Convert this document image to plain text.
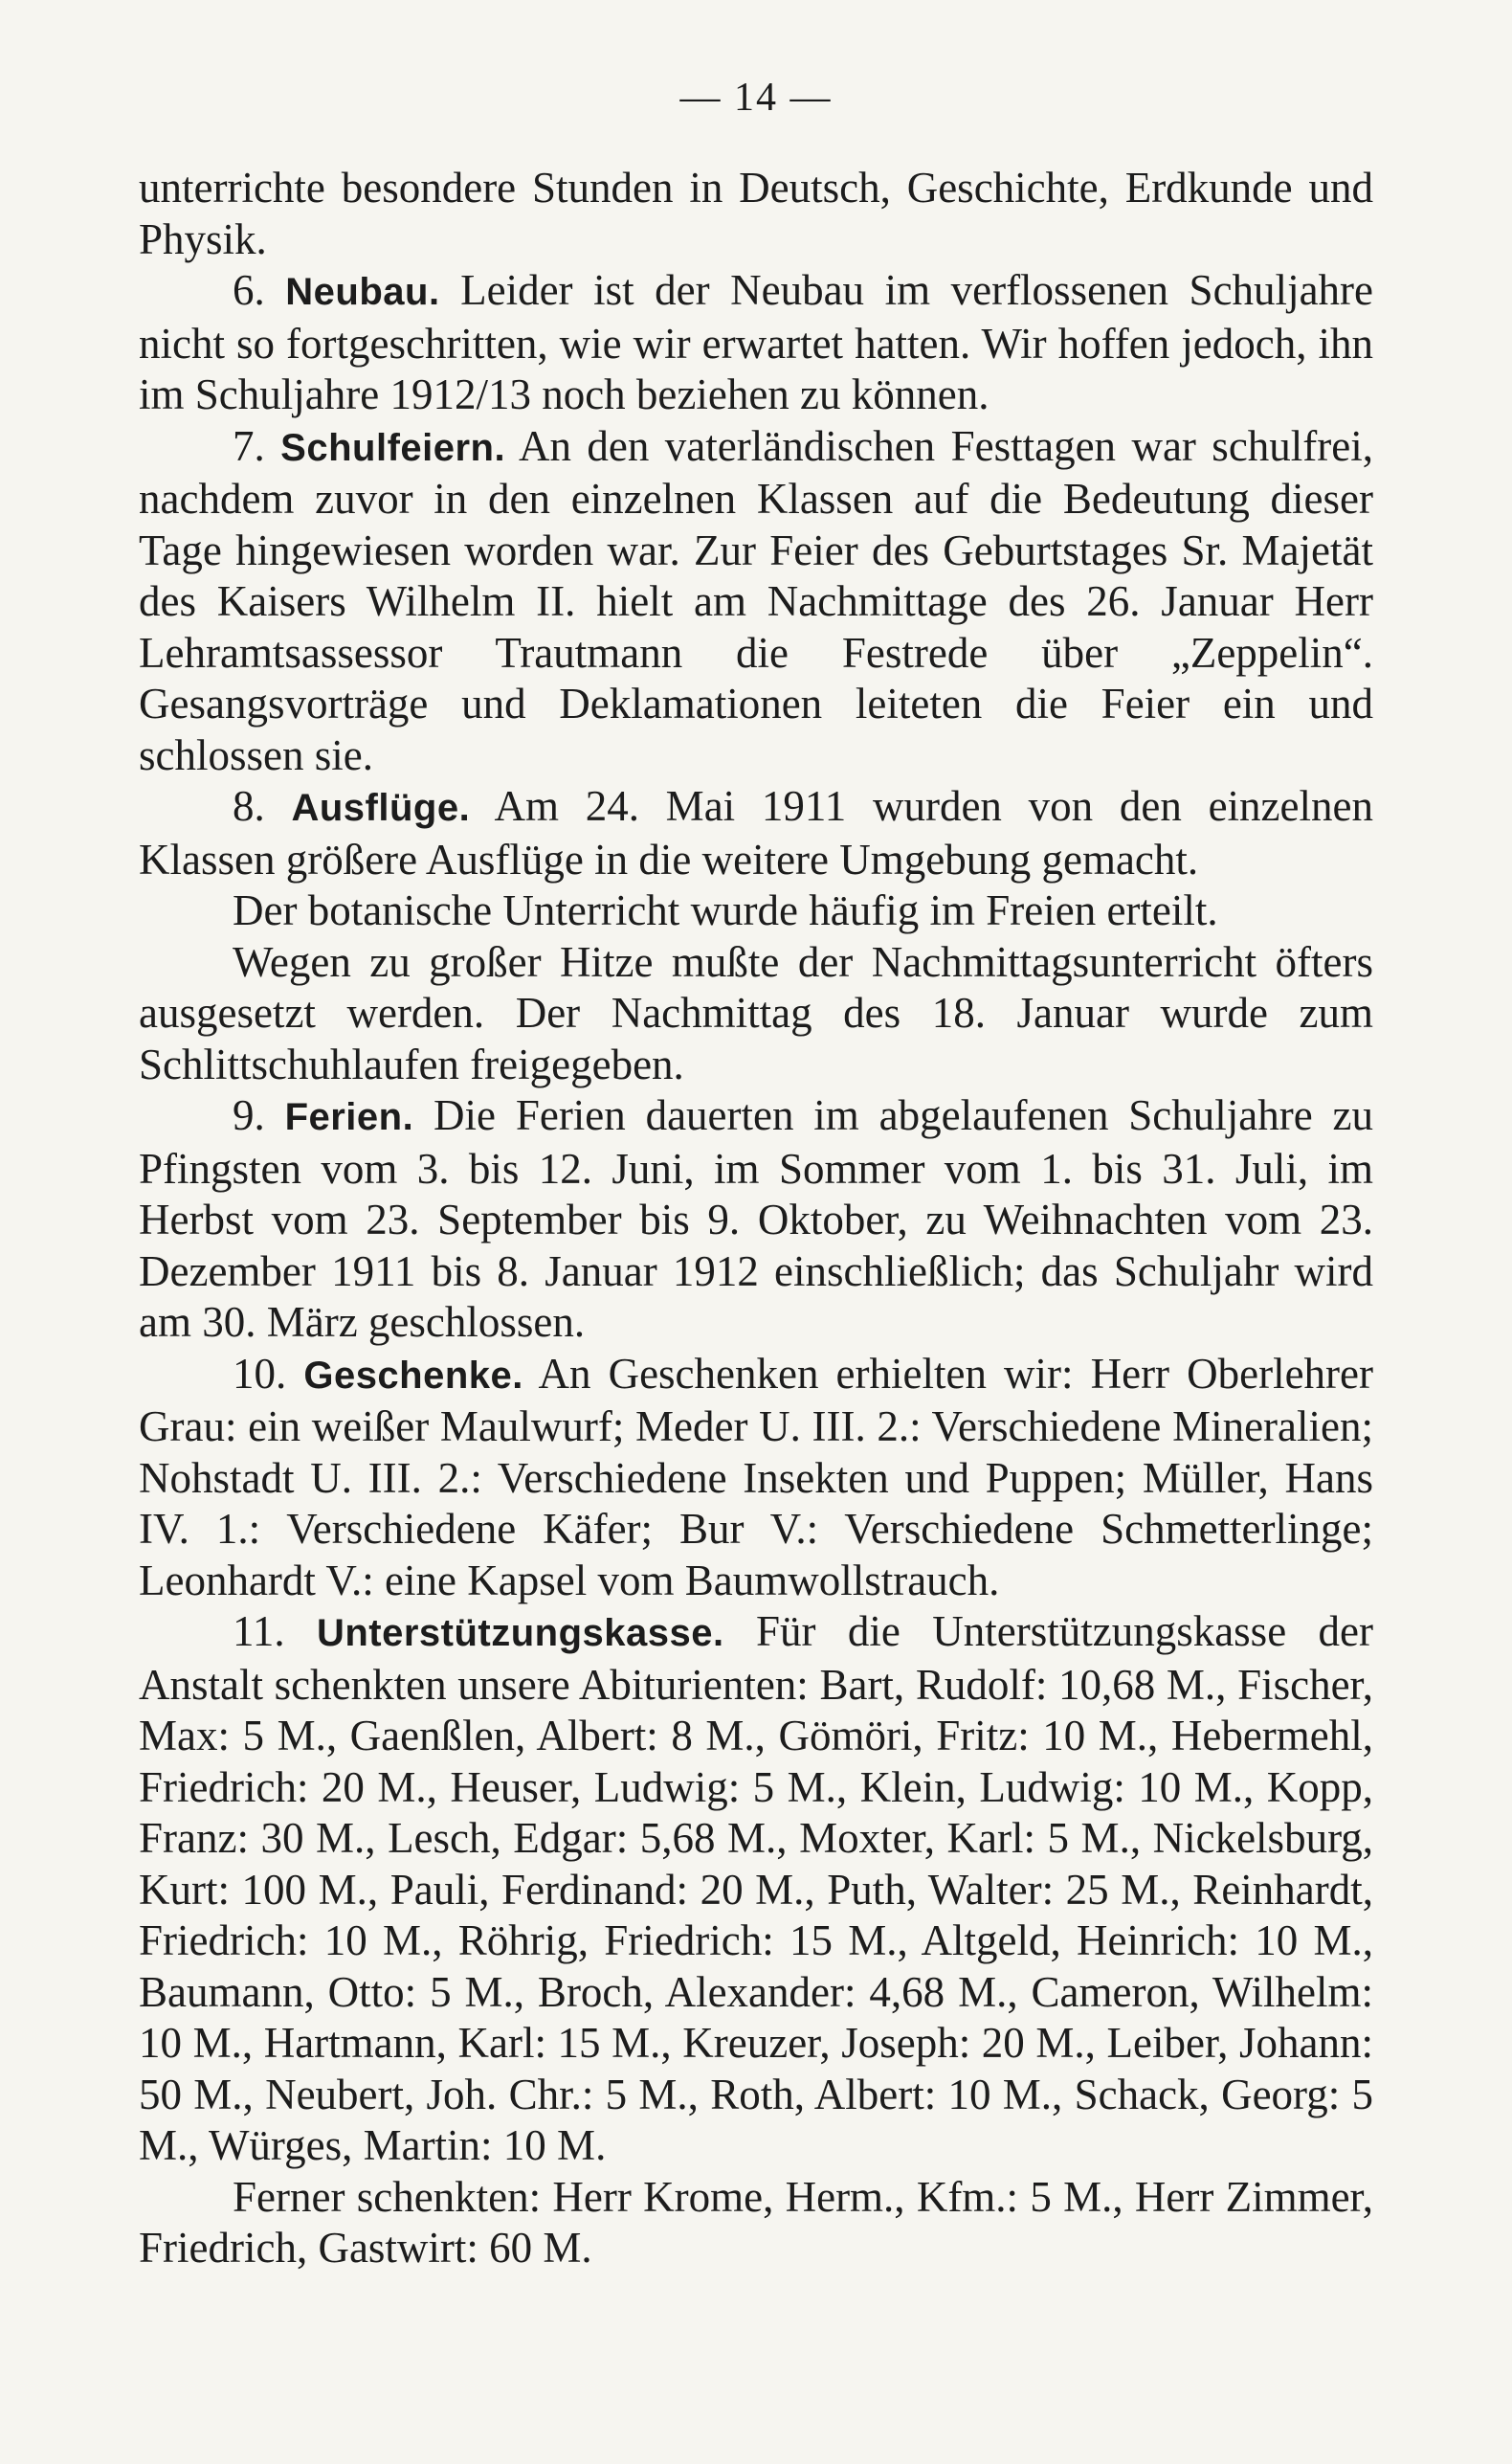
— 14 —

unterrichte besondere Stunden in Deutsch, Geschichte, Erdkunde und Physik.

6. Neubau. Leider ist der Neubau im verflossenen Schuljahre nicht so fortgeschritten, wie wir erwartet hatten. Wir hoffen jedoch, ihn im Schuljahre 1912/13 noch beziehen zu können.

7. Schulfeiern. An den vaterländischen Festtagen war schulfrei, nachdem zuvor in den einzelnen Klassen auf die Bedeutung dieser Tage hingewiesen worden war. Zur Feier des Geburtstages Sr. Majetät des Kaisers Wilhelm II. hielt am Nachmittage des 26. Januar Herr Lehramtsassessor Trautmann die Festrede über „Zeppelin“. Gesangsvorträge und Deklamationen leiteten die Feier ein und schlossen sie.

8. Ausflüge. Am 24. Mai 1911 wurden von den einzelnen Klassen größere Ausflüge in die weitere Umgebung gemacht.

Der botanische Unterricht wurde häufig im Freien erteilt.

Wegen zu großer Hitze mußte der Nachmittagsunterricht öfters ausgesetzt werden. Der Nachmittag des 18. Januar wurde zum Schlittschuhlaufen freigegeben.

9. Ferien. Die Ferien dauerten im abgelaufenen Schuljahre zu Pfingsten vom 3. bis 12. Juni, im Sommer vom 1. bis 31. Juli, im Herbst vom 23. September bis 9. Oktober, zu Weihnachten vom 23. Dezember 1911 bis 8. Januar 1912 einschließlich; das Schuljahr wird am 30. März geschlossen.

10. Geschenke. An Geschenken erhielten wir: Herr Oberlehrer Grau: ein weißer Maulwurf; Meder U. III. 2.: Verschiedene Mineralien; Nohstadt U. III. 2.: Verschiedene Insekten und Puppen; Müller, Hans IV. 1.: Verschiedene Käfer; Bur V.: Verschiedene Schmetterlinge; Leonhardt V.: eine Kapsel vom Baumwollstrauch.

11. Unterstützungskasse. Für die Unterstützungskasse der Anstalt schenkten unsere Abiturienten: Bart, Rudolf: 10,68 M., Fischer, Max: 5 M., Gaenßlen, Albert: 8 M., Gömöri, Fritz: 10 M., Hebermehl, Friedrich: 20 M., Heuser, Ludwig: 5 M., Klein, Ludwig: 10 M., Kopp, Franz: 30 M., Lesch, Edgar: 5,68 M., Moxter, Karl: 5 M., Nickelsburg, Kurt: 100 M., Pauli, Ferdinand: 20 M., Puth, Walter: 25 M., Reinhardt, Friedrich: 10 M., Röhrig, Friedrich: 15 M., Altgeld, Heinrich: 10 M., Baumann, Otto: 5 M., Broch, Alexander: 4,68 M., Cameron, Wilhelm: 10 M., Hartmann, Karl: 15 M., Kreuzer, Joseph: 20 M., Leiber, Johann: 50 M., Neubert, Joh. Chr.: 5 M., Roth, Albert: 10 M., Schack, Georg: 5 M., Würges, Martin: 10 M.

Ferner schenkten: Herr Krome, Herm., Kfm.: 5 M., Herr Zimmer, Friedrich, Gastwirt: 60 M.
